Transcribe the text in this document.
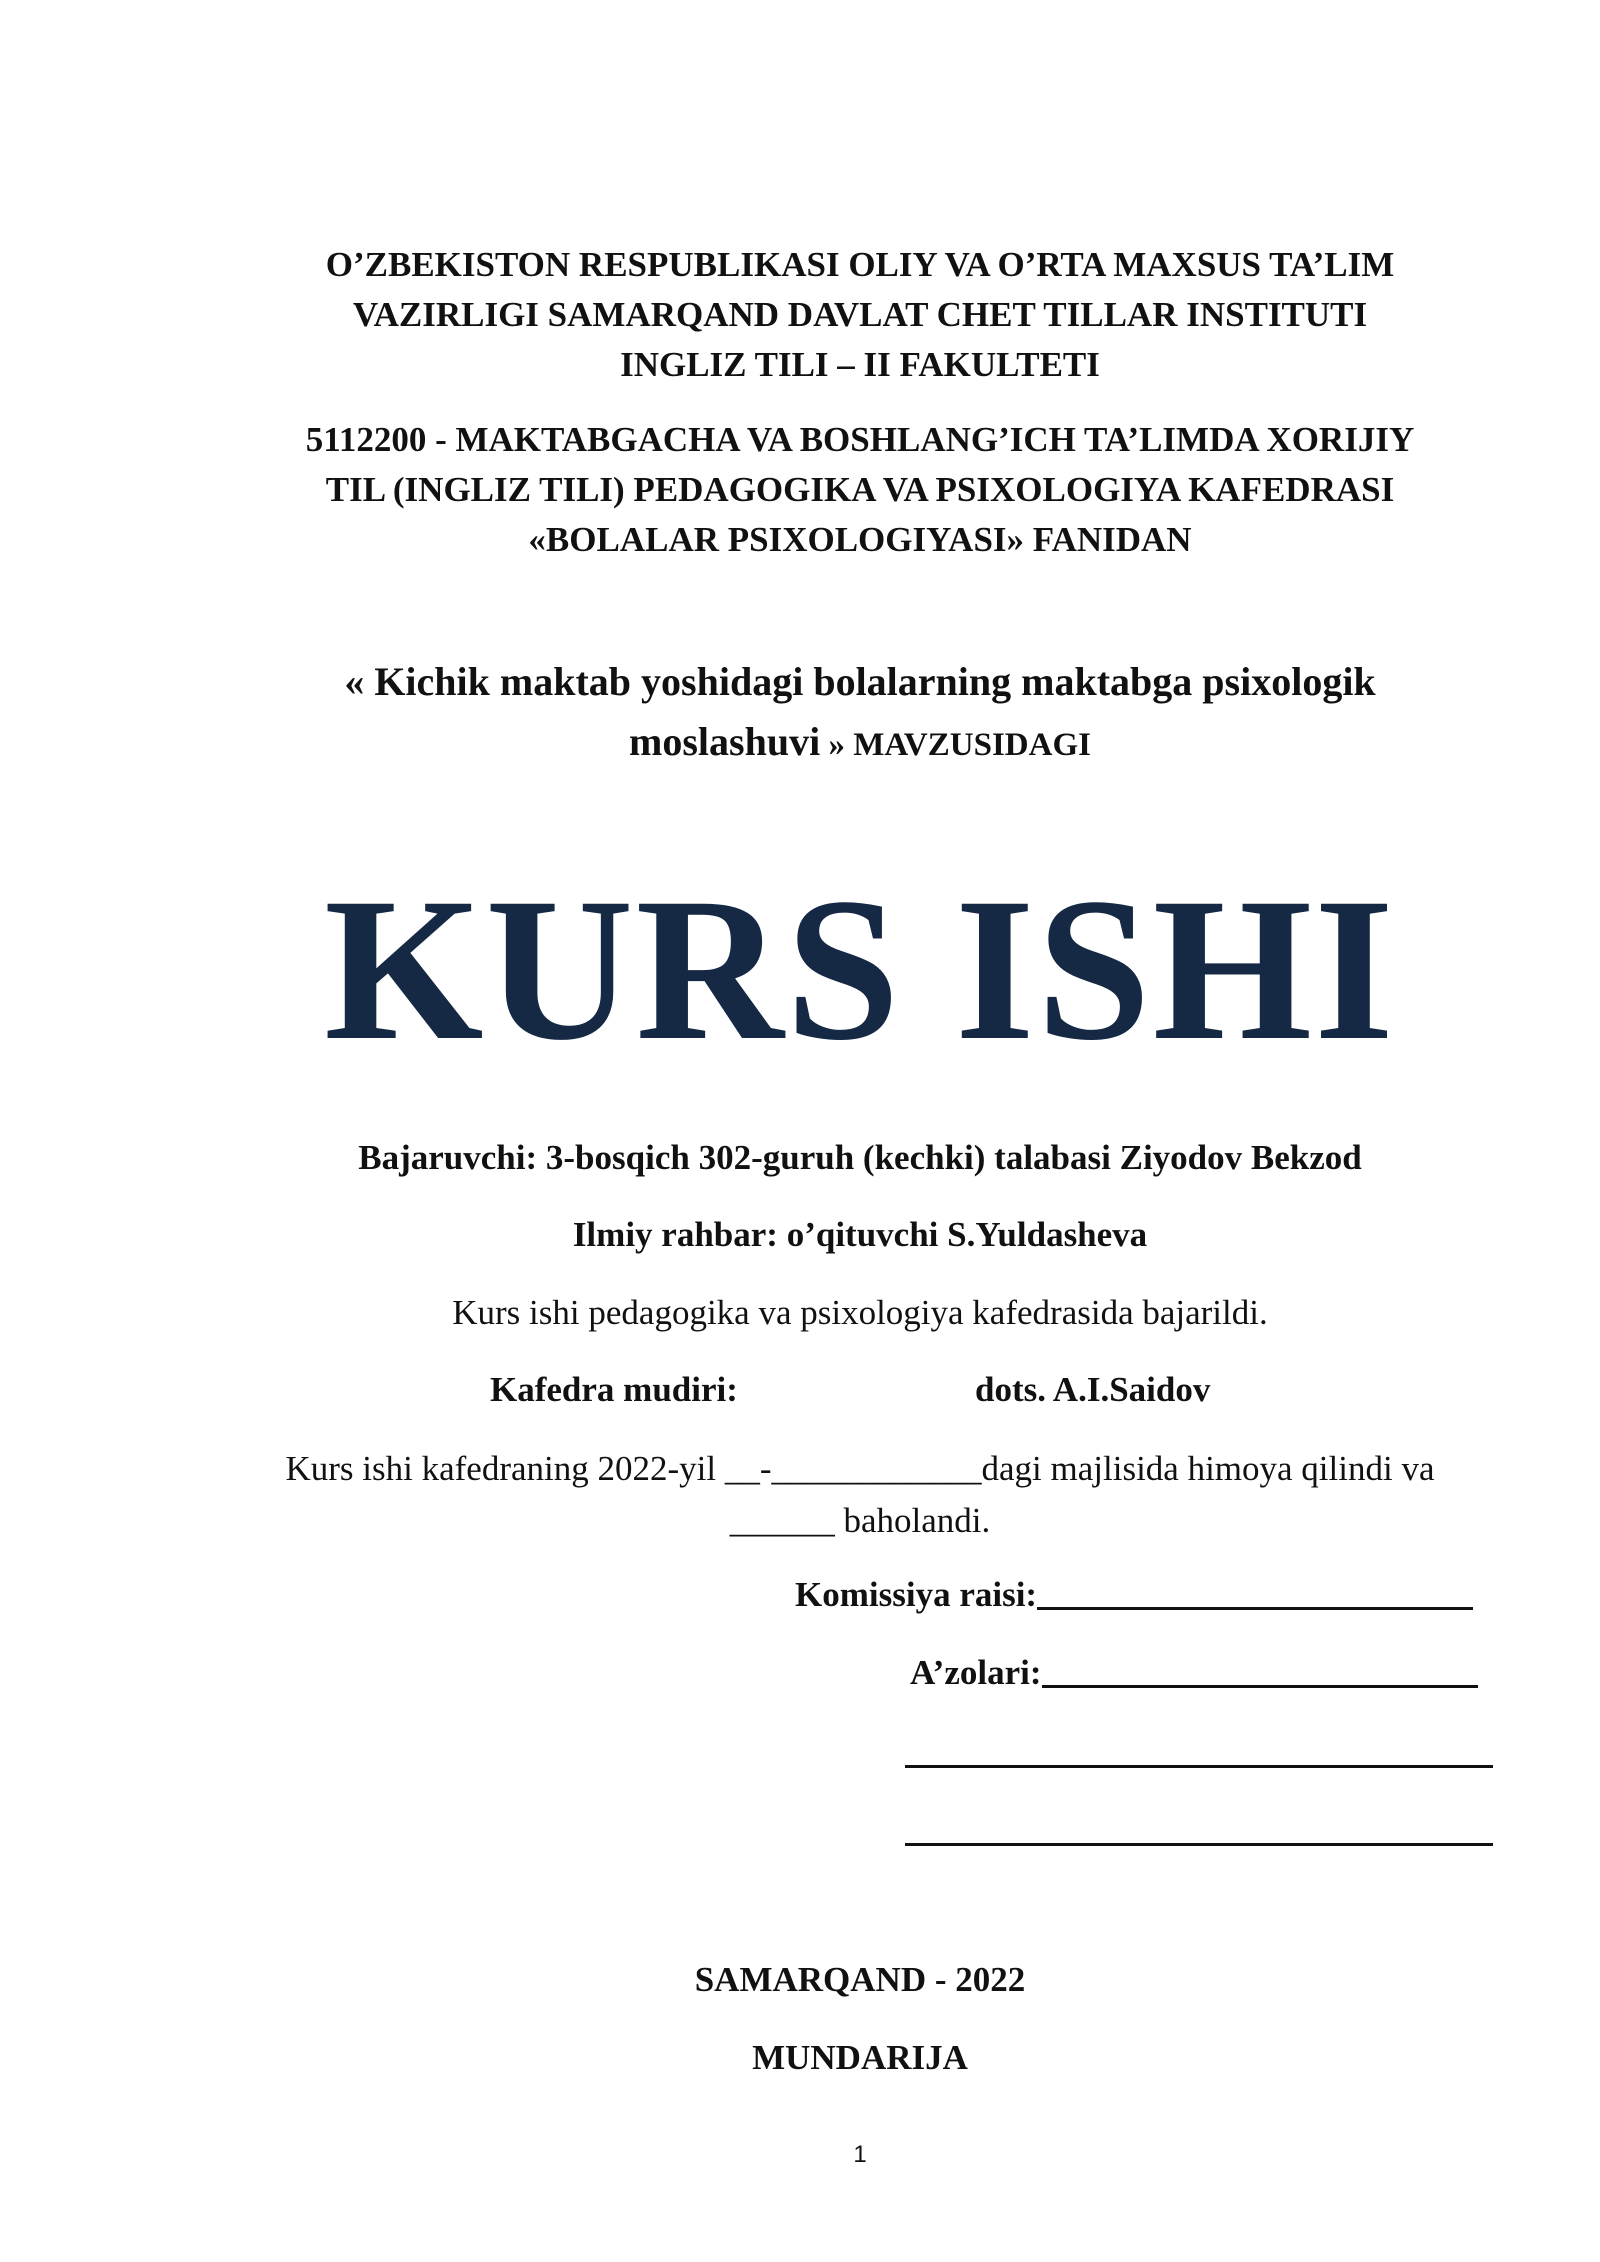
O’ZBEKISTON RESPUBLIKASI OLIY VA O’RTA MAXSUS TA’LIM
VAZIRLIGI SAMARQAND DAVLAT CHET TILLAR INSTITUTI
INGLIZ TILI – II FAKULTETI
5112200 - MAKTABGACHA VA BOSHLANG’ICH TA’LIMDA XORIJIY
TIL (INGLIZ TILI) PEDAGOGIKA VA PSIXOLOGIYA KAFEDRASI
«BOLALAR PSIXOLOGIYASI» FANIDAN
« Kichik maktab yoshidagi bolalarning maktabga psixologik
moslashuvi » MAVZUSIDAGI
KURS ISHI
Bajaruvchi: 3-bosqich 302-guruh (kechki) talabasi Ziyodov Bekzod
Ilmiy rahbar: o’qituvchi S.Yuldasheva
Kurs ishi pedagogika va psixologiya kafedrasida bajarildi.
Kafedra mudiri:	dots. A.I.Saidov
Kurs ishi kafedraning 2022-yil __-____________dagi majlisida himoya qilindi va
______ baholandi.
Komissiya raisi:
A’zolari:
SAMARQAND - 2022
MUNDARIJA
1
